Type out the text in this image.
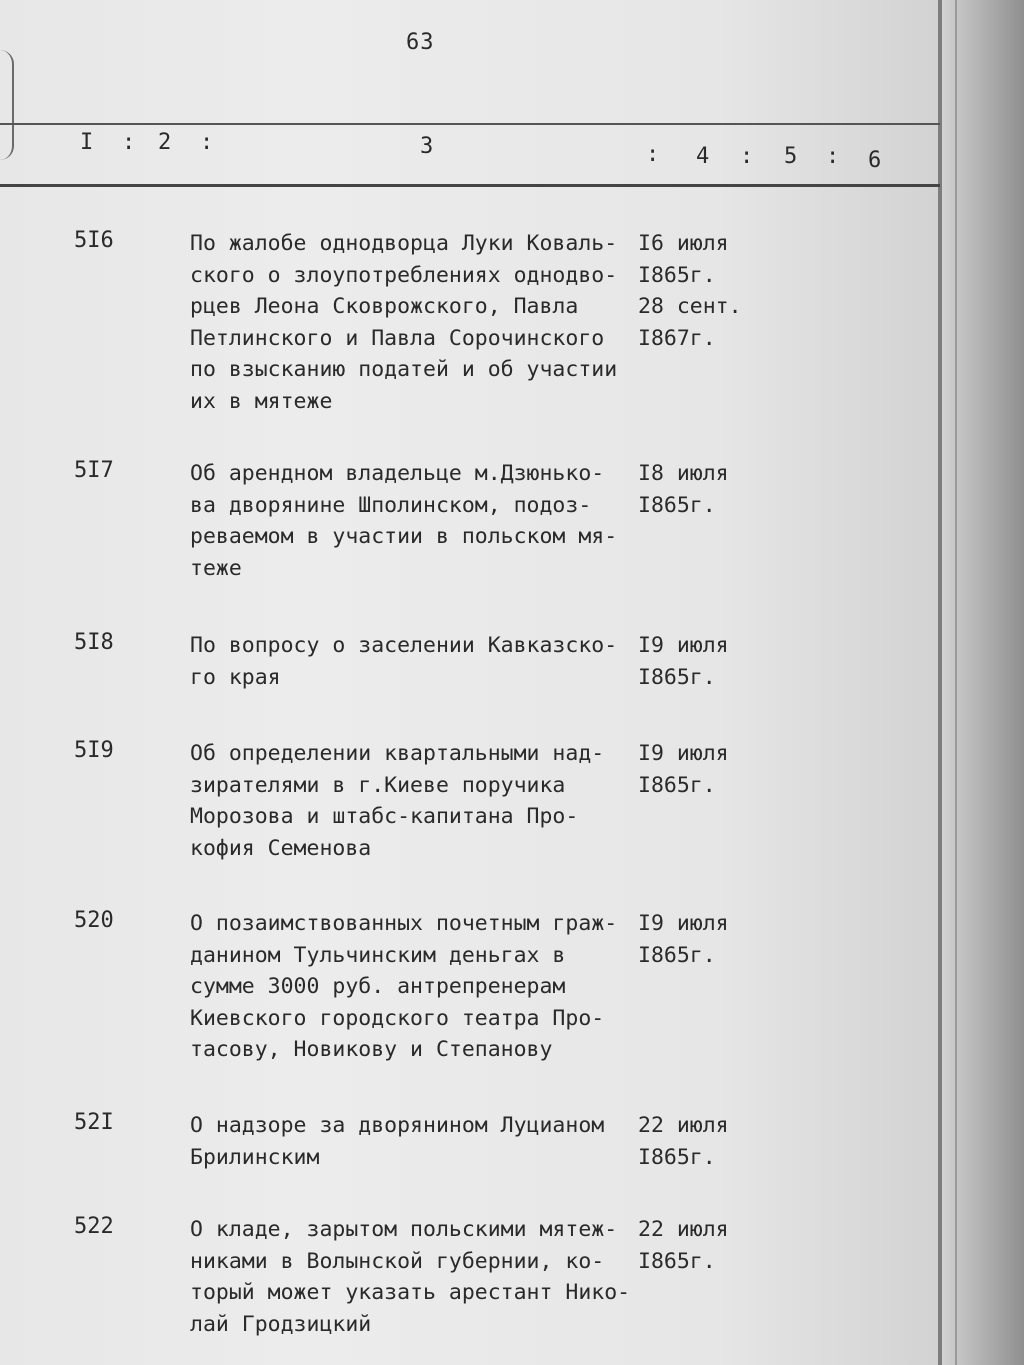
63
I : 2 :	3	: 4 : 5 : 6
5I6	По жалобе однодворца Луки Коваль-
ского о злоупотреблениях однодво-
рцев Леона Сковрожского, Павла
Петлинского и Павла Сорочинского
по взысканию податей и об участии
их в мятеже
I6 июля
I865г.
28 сент.
I867г.
5I7	Об арендном владельце м.Дзюнько-
ва дворянине Шполинском, подоз-
реваемом в участии в польском мя-
теже
I8 июля
I865г.
5I8	По вопросу о заселении Кавказско-
го края
I9 июля
I865г.
5I9	Об определении квартальными над-
зирателями в г.Киеве поручика
Морозова и штабс-капитана Про-
кофия Семенова
I9 июля
I865г.
520	О позаимствованных почетным граж-
данином Тульчинским деньгах в
сумме 3000 руб. антрепренерам
Киевского городского театра Про-
тасову, Новикову и Степанову
I9 июля
I865г.
52I	О надзоре за дворянином Луцианом
Брилинским
22 июля
I865г.
522	О кладе, зарытом польскими мятеж-
никами в Волынской губернии, ко-
торый может указать арестант Нико-
лай Гродзицкий
22 июля
I865г.
